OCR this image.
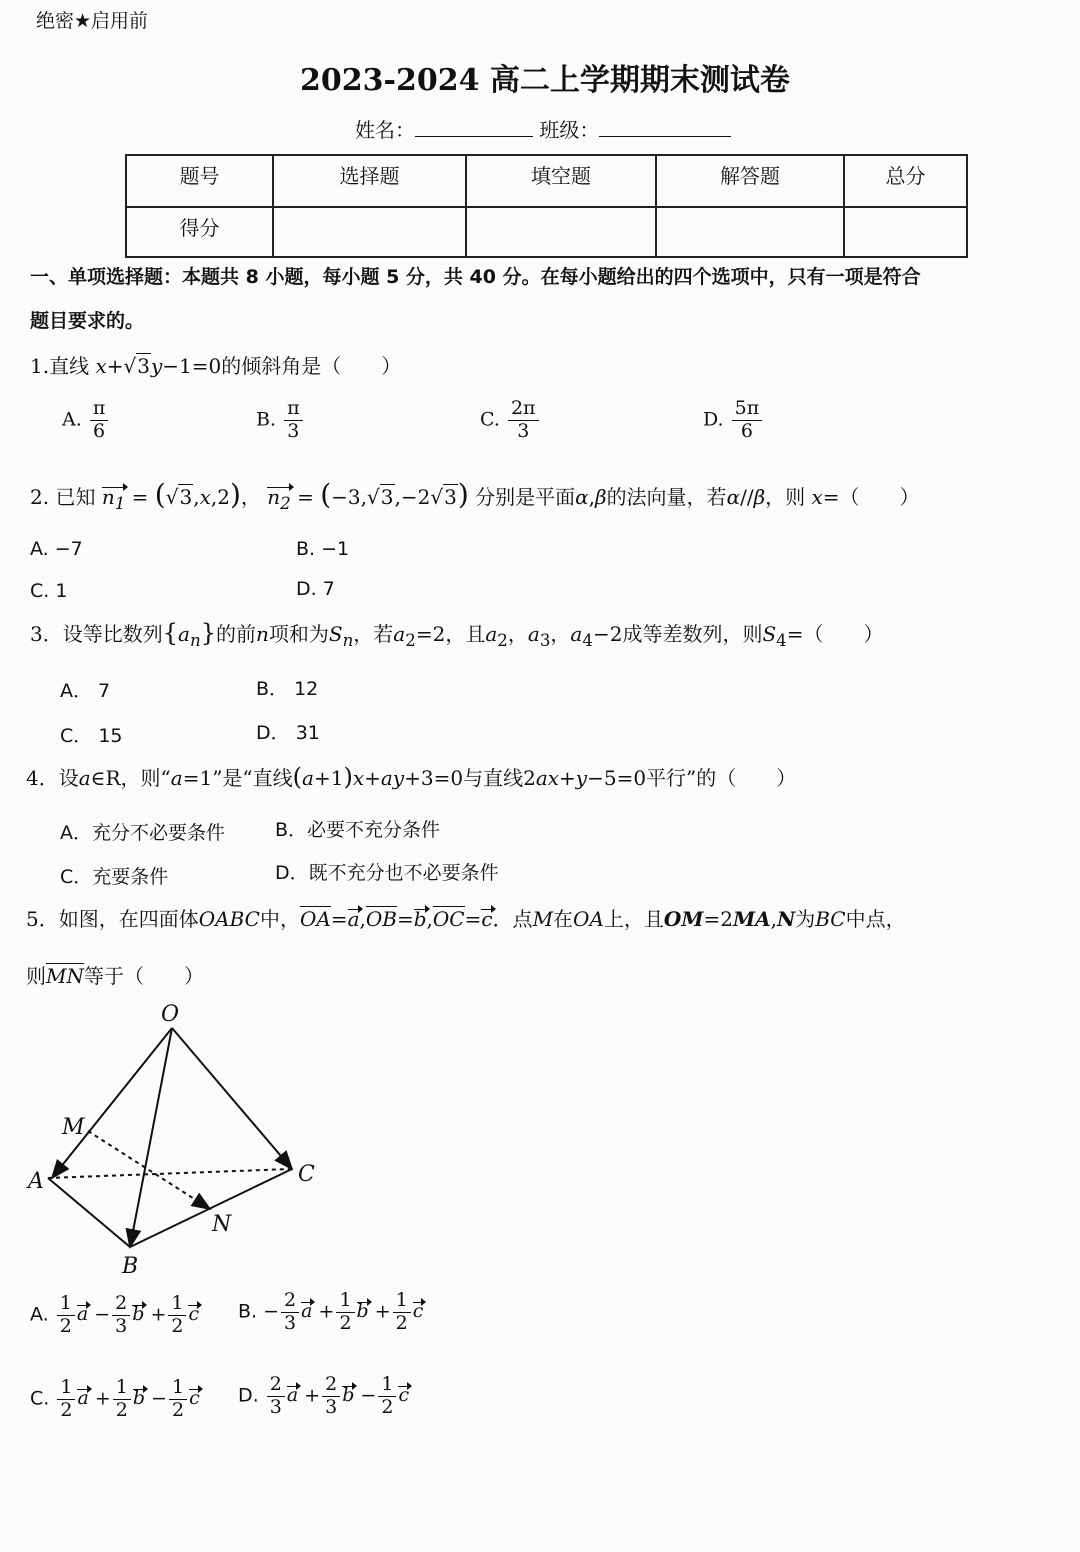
绝密★启用前
2023-2024 高二上学期期末测试卷
姓名：	班级：
题号	选择题	填空题	解答题	总分
得分				
一、单项选择题：本题共 8 小题，每小题 5 分，共 40 分。在每小题给出的四个选项中，只有一项是符合
题目要求的。
1.直线 x+√3y−1=0的倾斜角是（　　）
A. $\frac{\pi}{6}$	B. $\frac{\pi}{3}$	C. $\frac{2\pi}{3}$	D. $\frac{5\pi}{6}$
2. 已知 $n_1 = (√3,x,2)$， $n_2 = (-3,√3,-2√3)$ 分别是平面α,β的法向量，若α//β，则 x=（　　）
A. −7	B. −1
C. 1	D. 7
3．设等比数列$\{a_n\}$的前n项和为$S_n$，若$a_2=2$，且$a_2$，$a_3$，$a_4-2$成等差数列，则$S_4=$（　　）
A． 7	B． 12
C． 15	D． 31
4．设a∈R，则“a=1”是“直线(a+1)x+ay+3=0与直线2ax+y−5=0平行”的（　　）
A．充分不必要条件	B．必要不充分条件
C．充要条件	D．既不充分也不必要条件
5．如图，在四面体OABC中，OA=a,OB=b,OC=c．点M在OA上，且OM=2MA,N为BC中点，
则MN等于（　　）
O
A
B
C
M
N
A. $\frac{1}{2}$ $a - \frac{2}{3}$ $b + \frac{1}{2}$ c B. − $\frac{2}{3}$ $a + \frac{1}{2}$ $b + \frac{1}{2}$ c
C. $\frac{1}{2}$ $a + \frac{1}{2}$ $b - \frac{1}{2}$ c D. $\frac{2}{3}$ $a + \frac{2}{3}$ $b - \frac{1}{2}$ c
